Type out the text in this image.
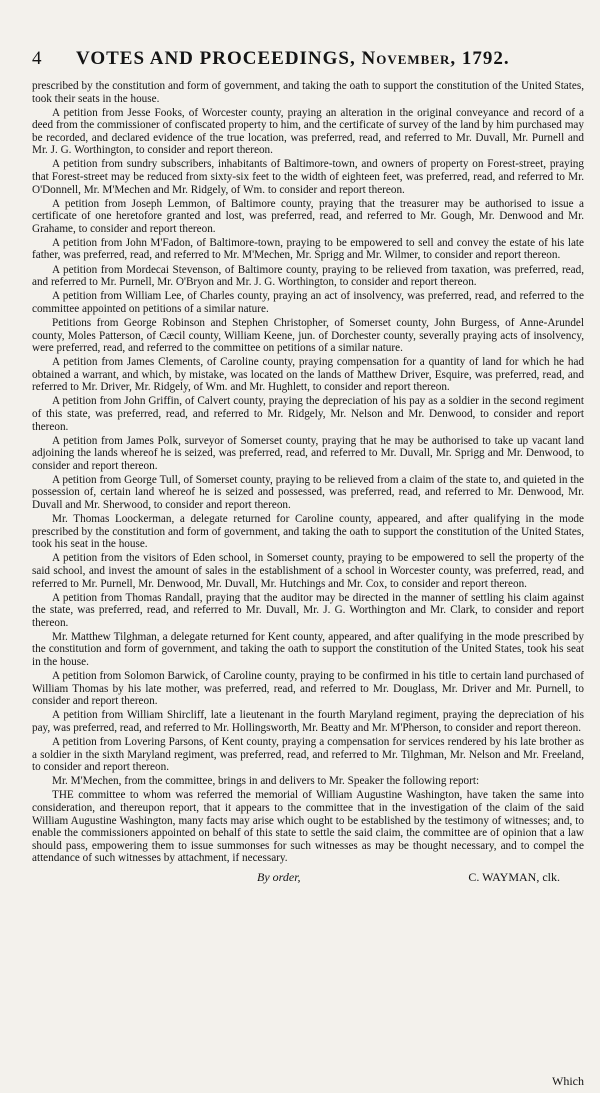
4	VOTES AND PROCEEDINGS, November, 1792.

prescribed by the constitution and form of government, and taking the oath to support the constitution of the United States, took their seats in the house.

A petition from Jesse Fooks, of Worcester county, praying an alteration in the original conveyance and record of a deed from the commissioner of confiscated property to him, and the certificate of survey of the land by him purchased may be recorded, and declared evidence of the true location, was preferred, read, and referred to Mr. Duvall, Mr. Purnell and Mr. J. G. Worthington, to consider and report thereon.

A petition from sundry subscribers, inhabitants of Baltimore-town, and owners of property on Forest-street, praying that Forest-street may be reduced from sixty-six feet to the width of eighteen feet, was preferred, read, and referred to Mr. O'Donnell, Mr. M'Mechen and Mr. Ridgely, of Wm. to consider and report thereon.

A petition from Joseph Lemmon, of Baltimore county, praying that the treasurer may be authorised to issue a certificate of one heretofore granted and lost, was preferred, read, and referred to Mr. Gough, Mr. Denwood and Mr. Grahame, to consider and report thereon.

A petition from John M'Fadon, of Baltimore-town, praying to be empowered to sell and convey the estate of his late father, was preferred, read, and referred to Mr. M'Mechen, Mr. Sprigg and Mr. Wilmer, to consider and report thereon.

A petition from Mordecai Stevenson, of Baltimore county, praying to be relieved from taxation, was preferred, read, and referred to Mr. Purnell, Mr. O'Bryon and Mr. J. G. Worthington, to consider and report thereon.

A petition from William Lee, of Charles county, praying an act of insolvency, was preferred, read, and referred to the committee appointed on petitions of a similar nature.

Petitions from George Robinson and Stephen Christopher, of Somerset county, John Burgess, of Anne-Arundel county, Moles Patterson, of Cæcil county, William Keene, jun. of Dorchester county, severally praying acts of insolvency, were preferred, read, and referred to the committee on petitions of a similar nature.

A petition from James Clements, of Caroline county, praying compensation for a quantity of land for which he had obtained a warrant, and which, by mistake, was located on the lands of Matthew Driver, Esquire, was preferred, read, and referred to Mr. Driver, Mr. Ridgely, of Wm. and Mr. Hughlett, to consider and report thereon.

A petition from John Griffin, of Calvert county, praying the depreciation of his pay as a soldier in the second regiment of this state, was preferred, read, and referred to Mr. Ridgely, Mr. Nelson and Mr. Denwood, to consider and report thereon.

A petition from James Polk, surveyor of Somerset county, praying that he may be authorised to take up vacant land adjoining the lands whereof he is seized, was preferred, read, and referred to Mr. Duvall, Mr. Sprigg and Mr. Denwood, to consider and report thereon.

A petition from George Tull, of Somerset county, praying to be relieved from a claim of the state to, and quieted in the possession of, certain land whereof he is seized and possessed, was preferred, read, and referred to Mr. Denwood, Mr. Duvall and Mr. Sherwood, to consider and report thereon.

Mr. Thomas Loockerman, a delegate returned for Caroline county, appeared, and after qualifying in the mode prescribed by the constitution and form of government, and taking the oath to support the constitution of the United States, took his seat in the house.

A petition from the visitors of Eden school, in Somerset county, praying to be empowered to sell the property of the said school, and invest the amount of sales in the establishment of a school in Worcester county, was preferred, read, and referred to Mr. Purnell, Mr. Denwood, Mr. Duvall, Mr. Hutchings and Mr. Cox, to consider and report thereon.

A petition from Thomas Randall, praying that the auditor may be directed in the manner of settling his claim against the state, was preferred, read, and referred to Mr. Duvall, Mr. J. G. Worthington and Mr. Clark, to consider and report thereon.

Mr. Matthew Tilghman, a delegate returned for Kent county, appeared, and after qualifying in the mode prescribed by the constitution and form of government, and taking the oath to support the constitution of the United States, took his seat in the house.

A petition from Solomon Barwick, of Caroline county, praying to be confirmed in his title to certain land purchased of William Thomas by his late mother, was preferred, read, and referred to Mr. Douglass, Mr. Driver and Mr. Purnell, to consider and report thereon.

A petition from William Shircliff, late a lieutenant in the fourth Maryland regiment, praying the depreciation of his pay, was preferred, read, and referred to Mr. Hollingsworth, Mr. Beatty and Mr. M'Pherson, to consider and report thereon.

A petition from Lovering Parsons, of Kent county, praying a compensation for services rendered by his late brother as a soldier in the sixth Maryland regiment, was preferred, read, and referred to Mr. Tilghman, Mr. Nelson and Mr. Freeland, to consider and report thereon.

Mr. M'Mechen, from the committee, brings in and delivers to Mr. Speaker the following report:

THE committee to whom was referred the memorial of William Augustine Washington, have taken the same into consideration, and thereupon report, that it appears to the committee that in the investigation of the claim of the said William Augustine Washington, many facts may arise which ought to be established by the testimony of witnesses; and, to enable the commissioners appointed on behalf of this state to settle the said claim, the committee are of opinion that a law should pass, empowering them to issue summonses for such witnesses as may be thought necessary, and to compel the attendance of such witnesses by attachment, if necessary.

By order,	C. WAYMAN, clk.
Which
